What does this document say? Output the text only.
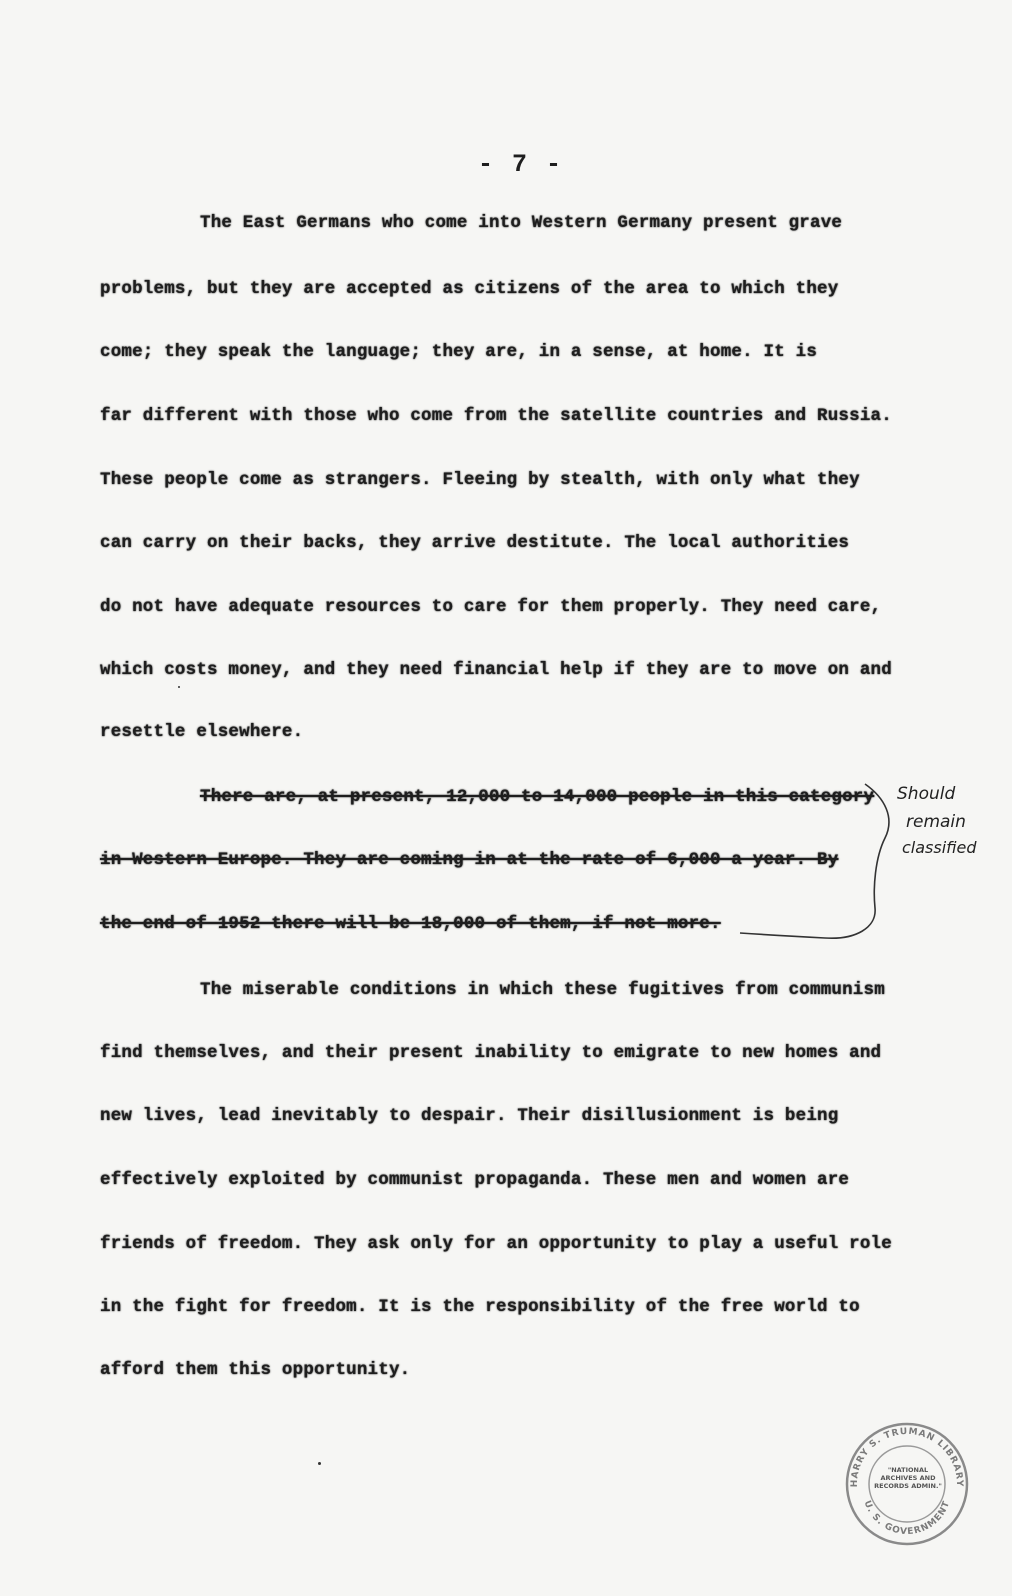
- 7 -
The East Germans who come into Western Germany present grave
problems, but they are accepted as citizens of the area to which they
come; they speak the language; they are, in a sense, at home. It is
far different with those who come from the satellite countries and Russia.
These people come as strangers. Fleeing by stealth, with only what they
can carry on their backs, they arrive destitute. The local authorities
do not have adequate resources to care for them properly. They need care,
which costs money, and they need financial help if they are to move on and
resettle elsewhere.
There are, at present, 12,000 to 14,000 people in this category
in Western Europe. They are coming in at the rate of 6,000 a year. By
the end of 1952 there will be 18,000 of them, if not more.
Should
remain
classified
The miserable conditions in which these fugitives from communism
find themselves, and their present inability to emigrate to new homes and
new lives, lead inevitably to despair. Their disillusionment is being
effectively exploited by communist propaganda. These men and women are
friends of freedom. They ask only for an opportunity to play a useful role
in the fight for freedom. It is the responsibility of the free world to
afford them this opportunity.
HARRY S. TRUMAN LIBRARY
U. S. GOVERNMENT
"NATIONAL ARCHIVES AND RECORDS ADMIN."
